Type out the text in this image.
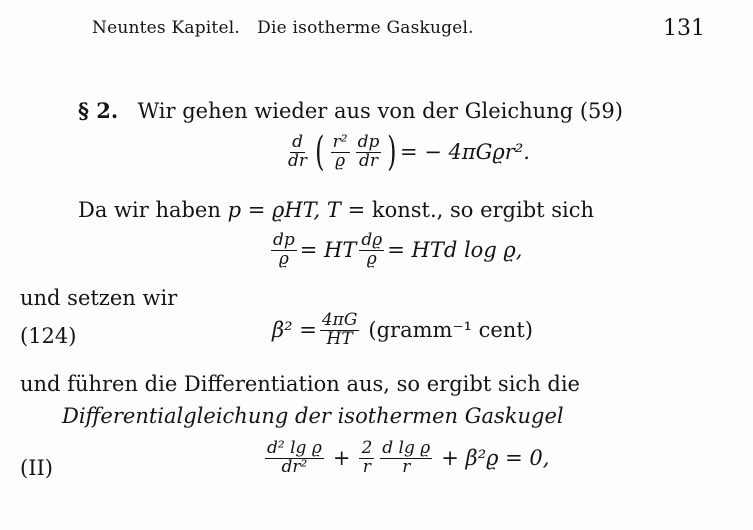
Neuntes Kapitel. Die isotherme Gaskugel.	131
§ 2. Wir gehen wieder aus von der Gleichung (59)
$\frac{d}{dr}$ ( $\frac{\text{r²}}{ϱ} \frac{dp}{dr}$ ) = − 4πGϱr².
Da wir haben p = ϱHT, T = konst., so ergibt sich
$\frac{dp}{ϱ}$ = HT $\frac{dϱ}{ϱ}$ = HTd log ϱ,
und setzen wir
(124)	$\beta^2 = \frac{4\pi G}{HT}$ (gramm⁻¹ cent)
und führen die Differentiation aus, so ergibt sich die
Differentialgleichung der isothermen Gaskugel
(II)	$\frac{\text{d² lg ϱ}}{\text{dr²}} + \frac{2}{r} \frac{\text{d lg ϱ}}{r} + \beta^2ϱ = 0$,
